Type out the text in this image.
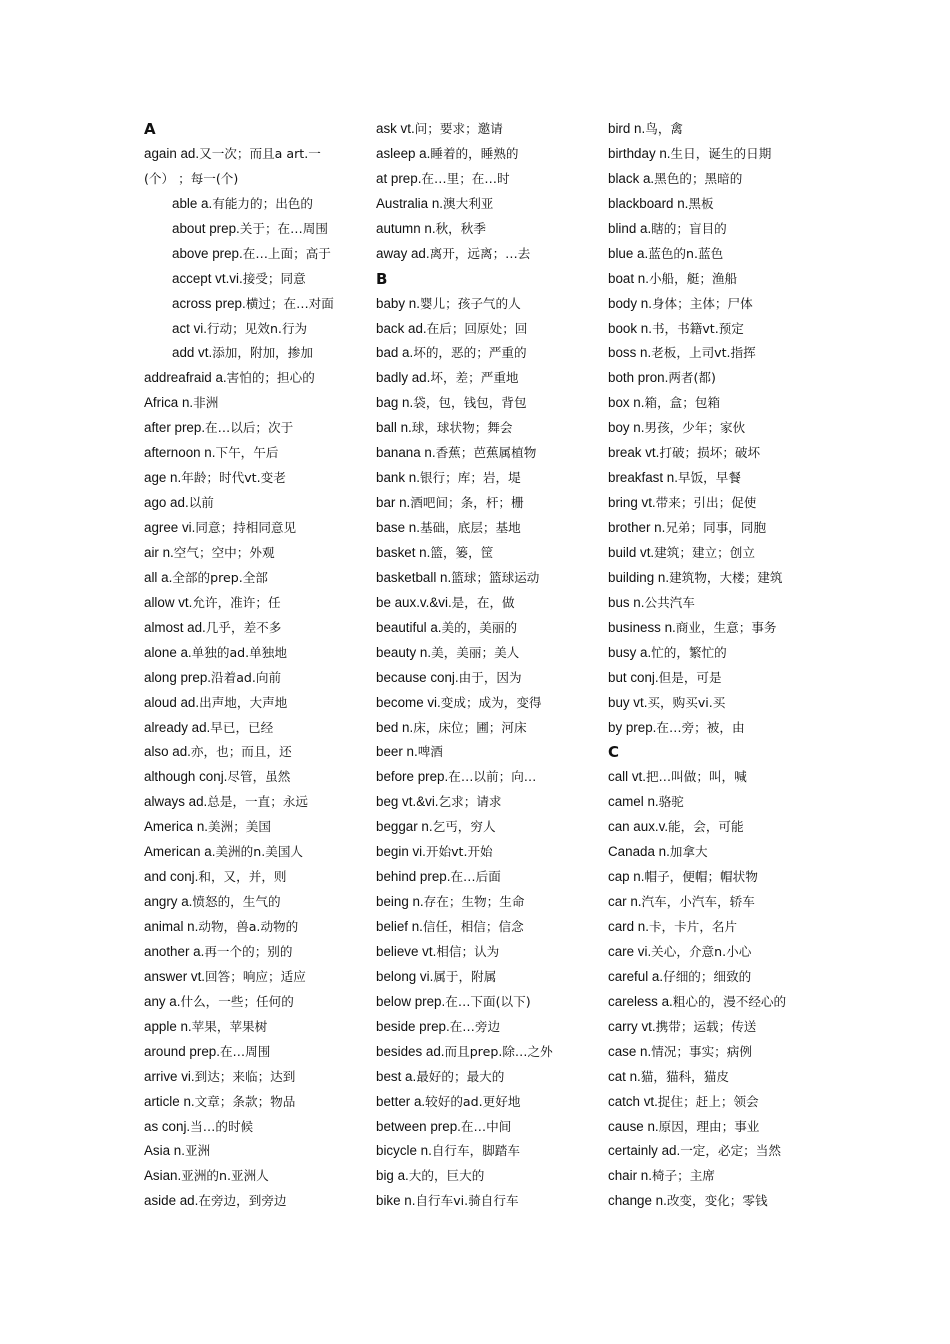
A
again ad.又一次；而且a art.一
(个） ；每一(个)
able a.有能力的；出色的
about prep.关于；在…周围
above prep.在…上面；高于
accept vt.vi.接受；同意
across prep.横过；在…对面
act vi.行动；见效n.行为
add vt.添加，附加，掺加
addreafraid a.害怕的；担心的
Africa n.非洲
after prep.在…以后；次于
afternoon n.下午，午后
age n.年龄；时代vt.变老
ago ad.以前
agree vi.同意；持相同意见
air n.空气；空中；外观
all a.全部的prep.全部
allow vt.允许，准许；任
almost ad.几乎，差不多
alone a.单独的ad.单独地
along prep.沿着ad.向前
aloud ad.出声地，大声地
already ad.早已，已经
also ad.亦，也；而且，还
although conj.尽管，虽然
always ad.总是，一直；永远
America n.美洲；美国
American a.美洲的n.美国人
and conj.和，又，并，则
angry a.愤怒的，生气的
animal n.动物，兽a.动物的
another a.再一个的；别的
answer vt.回答；响应；适应
any a.什么，一些；任何的
apple n.苹果，苹果树
around prep.在…周围
arrive vi.到达；来临；达到
article n.文章；条款；物品
as conj.当…的时候
Asia n.亚洲
Asian.亚洲的n.亚洲人
aside ad.在旁边，到旁边
ask vt.问；要求；邀请
asleep a.睡着的，睡熟的
at prep.在…里；在…时
Australia n.澳大利亚
autumn n.秋，秋季
away ad.离开，远离；…去
B
baby n.婴儿；孩子气的人
back ad.在后；回原处；回
bad a.坏的，恶的；严重的
badly ad.坏，差；严重地
bag n.袋，包，钱包，背包
ball n.球，球状物；舞会
banana n.香蕉；芭蕉属植物
bank n.银行；库；岩，堤
bar n.酒吧间；条，杆；栅
base n.基础，底层；基地
basket n.篮，篓，筐
basketball n.篮球；篮球运动
be aux.v.&vi.是，在，做
beautiful a.美的，美丽的
beauty n.美，美丽；美人
because conj.由于，因为
become vi.变成；成为，变得
bed n.床，床位；圃；河床
beer n.啤酒
before prep.在…以前；向…
beg vt.&vi.乞求；请求
beggar n.乞丐，穷人
begin vi.开始vt.开始
behind prep.在…后面
being n.存在；生物；生命
belief n.信任，相信；信念
believe vt.相信；认为
belong vi.属于，附属
below prep.在…下面(以下)
beside prep.在…旁边
besides ad.而且prep.除…之外
best a.最好的；最大的
better a.较好的ad.更好地
between prep.在…中间
bicycle n.自行车，脚踏车
big a.大的，巨大的
bike n.自行车vi.骑自行车
bird n.鸟，禽
birthday n.生日，诞生的日期
black a.黑色的；黑暗的
blackboard n.黑板
blind a.瞎的；盲目的
blue a.蓝色的n.蓝色
boat n.小船，艇；渔船
body n.身体；主体；尸体
book n.书，书籍vt.预定
boss n.老板，上司vt.指挥
both pron.两者(都)
box n.箱，盒；包箱
boy n.男孩，少年；家伙
break vt.打破；损坏；破坏
breakfast n.早饭，早餐
bring vt.带来；引出；促使
brother n.兄弟；同事，同胞
build vt.建筑；建立；创立
building n.建筑物，大楼；建筑
bus n.公共汽车
business n.商业，生意；事务
busy a.忙的，繁忙的
but conj.但是，可是
buy vt.买，购买vi.买
by prep.在…旁；被，由
C
call vt.把…叫做；叫，喊
camel n.骆驼
can aux.v.能，会，可能
Canada n.加拿大
cap n.帽子，便帽；帽状物
car n.汽车，小汽车，轿车
card n.卡，卡片，名片
care vi.关心，介意n.小心
careful a.仔细的；细致的
careless a.粗心的，漫不经心的
carry vt.携带；运载；传送
case n.情况；事实；病例
cat n.猫，猫科，猫皮
catch vt.捉住；赶上；领会
cause n.原因，理由；事业
certainly ad.一定，必定；当然
chair n.椅子；主席
change n.改变，变化；零钱
